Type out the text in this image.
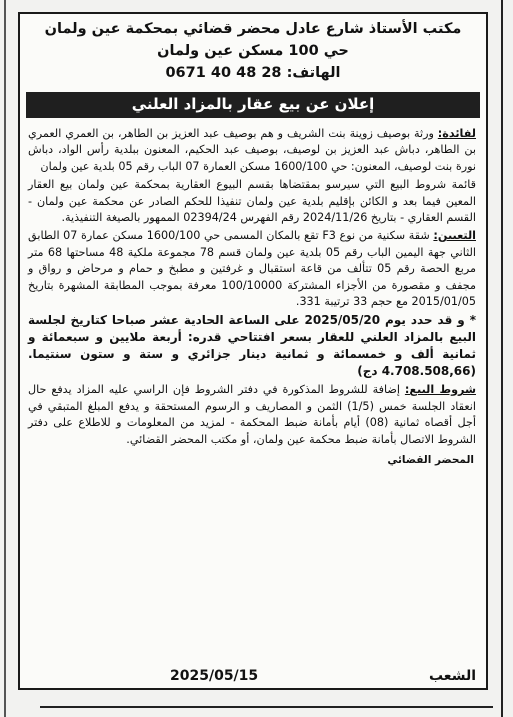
مكتب الأستاذ شارع عادل محضر قضائي بمحكمة عين ولمان
حي 100 مسكن عين ولمان
الهاتف: 0671 40 48 28
إعلان عن بيع عقار بالمزاد العلني

لفائدة: ورثة بوصيف زوينة بنت الشريف و هم بوصيف عبد العزيز بن الطاهر، بن العمري العمري بن الطاهر، دباش عبد العزيز بن لوصيف، بوصيف عبد الحكيم، المعنون ببلدية رأس الواد، دباش نورة بنت لوصيف، المعنون: حي 1600/100 مسكن العمارة 07 الباب رقم 05 بلدية عين ولمان

قائمة شروط البيع التي سيرسو بمقتضاها بقسم البيوع العقارية بمحكمة عين ولمان بيع العقار المعين فيما بعد و الكائن بإقليم بلدية عين ولمان تنفيذا للحكم الصادر عن محكمة عين ولمان - القسم العقاري - بتاريخ 2024/11/26 رقم الفهرس 02394/24 الممهور بالصيغة التنفيذية.

التعيين: شقة سكنية من نوع F3 تقع بالمكان المسمى حي 1600/100 مسكن عمارة 07 الطابق الثاني جهة اليمين الباب رقم 05 بلدية عين ولمان قسم 78 مجموعة ملكية 48 مساحتها 68 متر مربع الحصة رقم 05 تتألف من قاعة استقبال و غرفتين و مطبخ و حمام و مرحاض و رواق و مجفف و مقصورة من الأجزاء المشتركة 100/10000 معرفة بموجب المطابقة المشهرة بتاريخ 2015/01/05 مع حجم 33 ترتيبة 331.

* و قد حدد يوم 2025/05/20 على الساعة الحادية عشر صباحا كتاريخ لجلسة البيع بالمزاد العلني للعقار بسعر افتتاحي قدره: أربعة ملايين و سبعمائة و ثمانية ألف و خمسمائة و ثمانية دينار جزائري و ستة و ستون سنتيما. (4.708.508,66 دج)

شروط البيع: إضافة للشروط المذكورة في دفتر الشروط فإن الراسي عليه المزاد يدفع حال انعقاد الجلسة خمس (1/5) الثمن و المصاريف و الرسوم المستحقة و يدفع المبلغ المتبقي في أجل أقصاه ثمانية (08) أيام بأمانة ضبط المحكمة - لمزيد من المعلومات و للاطلاع على دفتر الشروط الاتصال بأمانة ضبط محكمة عين ولمان، أو مكتب المحضر القضائي.

المحضر القضائي
الشعب
2025/05/15
